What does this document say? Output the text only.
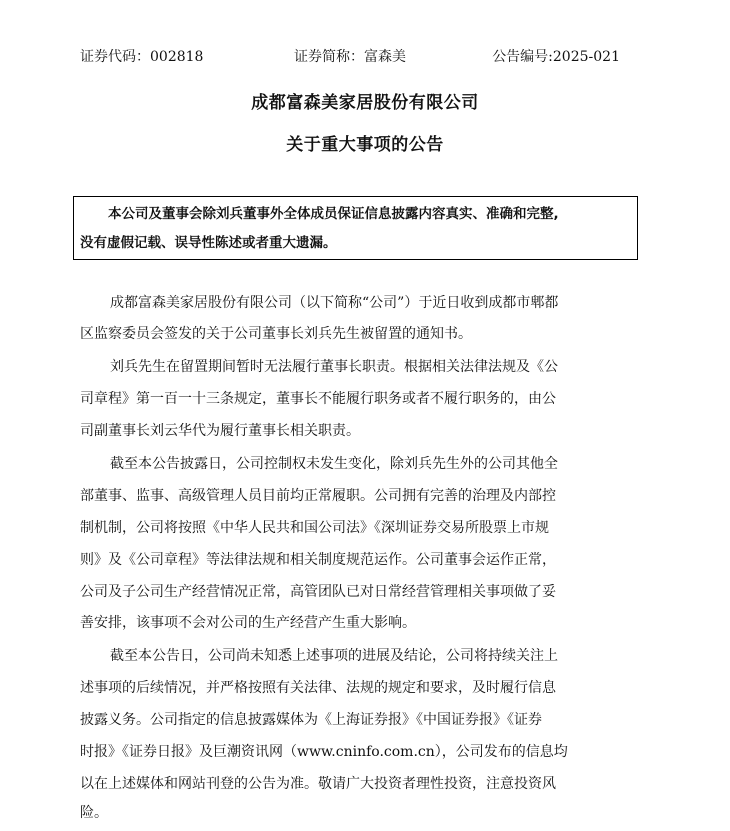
证券代码：002818	证券简称：富森美	公告编号:2025-021
成都富森美家居股份有限公司
关于重大事项的公告
本公司及董事会除刘兵董事外全体成员保证信息披露内容真实、准确和完整,
没有虚假记载、误导性陈述或者重大遗漏。
成都富森美家居股份有限公司（以下简称“公司”）于近日收到成都市郫都
区监察委员会签发的关于公司董事长刘兵先生被留置的通知书。
刘兵先生在留置期间暂时无法履行董事长职责。根据相关法律法规及《公
司章程》第一百一十三条规定，董事长不能履行职务或者不履行职务的，由公
司副董事长刘云华代为履行董事长相关职责。
截至本公告披露日，公司控制权未发生变化，除刘兵先生外的公司其他全
部董事、监事、高级管理人员目前均正常履职。公司拥有完善的治理及内部控
制机制，公司将按照《中华人民共和国公司法》《深圳证券交易所股票上市规
则》及《公司章程》等法律法规和相关制度规范运作。公司董事会运作正常，
公司及子公司生产经营情况正常，高管团队已对日常经营管理相关事项做了妥
善安排，该事项不会对公司的生产经营产生重大影响。
截至本公告日，公司尚未知悉上述事项的进展及结论，公司将持续关注上
述事项的后续情况，并严格按照有关法律、法规的规定和要求，及时履行信息
披露义务。公司指定的信息披露媒体为《上海证券报》《中国证券报》《证券
时报》《证券日报》及巨潮资讯网（www.cninfo.com.cn），公司发布的信息均
以在上述媒体和网站刊登的公告为准。敬请广大投资者理性投资，注意投资风
险。
